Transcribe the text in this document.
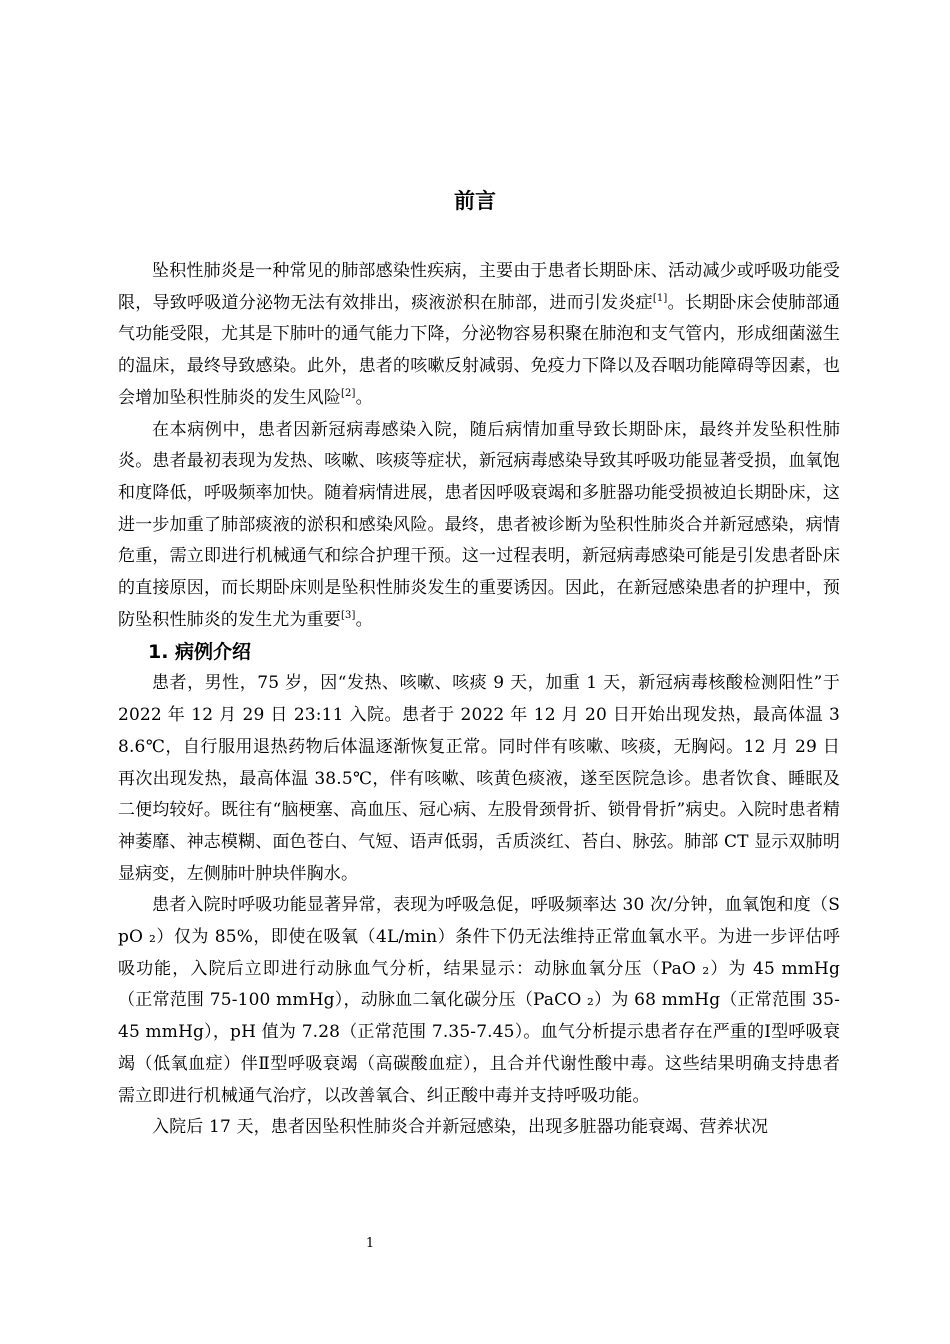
前言

坠积性肺炎是一种常见的肺部感染性疾病，主要由于患者长期卧床、活动减少或呼吸功能受限，导致呼吸道分泌物无法有效排出，痰液淤积在肺部，进而引发炎症[1]。长期卧床会使肺部通气功能受限，尤其是下肺叶的通气能力下降，分泌物容易积聚在肺泡和支气管内，形成细菌滋生的温床，最终导致感染。此外，患者的咳嗽反射减弱、免疫力下降以及吞咽功能障碍等因素，也会增加坠积性肺炎的发生风险[2]。

在本病例中，患者因新冠病毒感染入院，随后病情加重导致长期卧床，最终并发坠积性肺炎。患者最初表现为发热、咳嗽、咳痰等症状，新冠病毒感染导致其呼吸功能显著受损，血氧饱和度降低，呼吸频率加快。随着病情进展，患者因呼吸衰竭和多脏器功能受损被迫长期卧床，这进一步加重了肺部痰液的淤积和感染风险。最终，患者被诊断为坠积性肺炎合并新冠感染，病情危重，需立即进行机械通气和综合护理干预。这一过程表明，新冠病毒感染可能是引发患者卧床的直接原因，而长期卧床则是坠积性肺炎发生的重要诱因。因此，在新冠感染患者的护理中，预防坠积性肺炎的发生尤为重要[3]。

1. 病例介绍

患者，男性，75 岁，因“发热、咳嗽、咳痰 9 天，加重 1 天，新冠病毒核酸检测阳性”于 2022 年 12 月 29 日 23:11 入院。患者于 2022 年 12 月 20 日开始出现发热，最高体温 38.6℃，自行服用退热药物后体温逐渐恢复正常。同时伴有咳嗽、咳痰，无胸闷。12 月 29 日再次出现发热，最高体温 38.5℃，伴有咳嗽、咳黄色痰液，遂至医院急诊。患者饮食、睡眠及二便均较好。既往有“脑梗塞、高血压、冠心病、左股骨颈骨折、锁骨骨折”病史。入院时患者精神萎靡、神志模糊、面色苍白、气短、语声低弱，舌质淡红、苔白、脉弦。肺部 CT 显示双肺明显病变，左侧肺叶肿块伴胸水。

患者入院时呼吸功能显著异常，表现为呼吸急促，呼吸频率达 30 次/分钟，血氧饱和度（SpO ₂）仅为 85%，即使在吸氧（4L/min）条件下仍无法维持正常血氧水平。为进一步评估呼吸功能，入院后立即进行动脉血气分析，结果显示：动脉血氧分压（PaO ₂）为 45 mmHg（正常范围 75-100 mmHg），动脉血二氧化碳分压（PaCO ₂）为 68 mmHg（正常范围 35-45 mmHg），pH 值为 7.28（正常范围 7.35-7.45）。血气分析提示患者存在严重的Ⅰ型呼吸衰竭（低氧血症）伴Ⅱ型呼吸衰竭（高碳酸血症），且合并代谢性酸中毒。这些结果明确支持患者需立即进行机械通气治疗，以改善氧合、纠正酸中毒并支持呼吸功能。

入院后 17 天，患者因坠积性肺炎合并新冠感染，出现多脏器功能衰竭、营养状况

1
